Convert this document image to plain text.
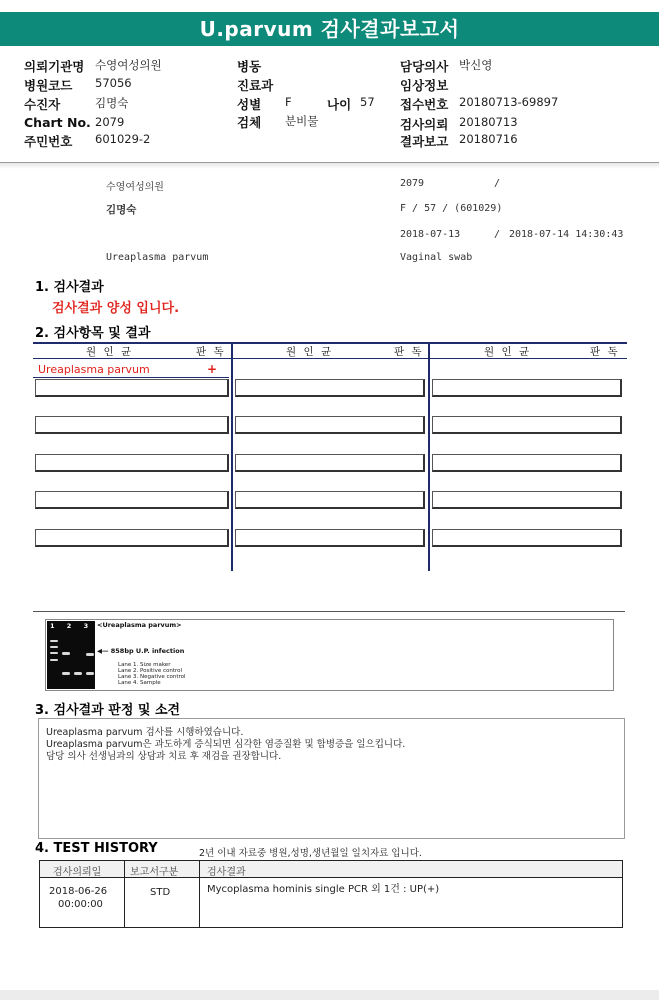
U.parvum 검사결과보고서
의뢰기관명 수영여성의원
병원코드 57056
수진자	김명숙
Chart No. 2079
주민번호 601029-2
병동
진료과
성별 F	나이 57
검체 분비물
담당의사 박신영
임상정보
접수번호 20180713-69897
검사의뢰 20180713
결과보고 20180716
수영여성의원	2079	/
김명숙	F / 57 / (601029)
2018-07-13	/ 2018-07-14 14:30:43
Ureaplasma parvum	Vaginal swab
1. 검사결과
검사결과 양성 입니다.
2. 검사항목 및 결과
원 인 균	판 독	원 인 균	판 독	원 인 균	판 독
Ureaplasma parvum	+
1 2 3 4
<Ureaplasma parvum>
◀— 858bp U.P. infection
Lane 1. Size maker
Lane 2. Positive control
Lane 3. Negative control
Lane 4. Sample
3. 검사결과 판정 및 소견
Ureaplasma parvum 검사를 시행하였습니다.
Ureaplasma parvum은 과도하게 증식되면 심각한 염증질환 및 합병증을 일으킵니다.
담당 의사 선생님과의 상담과 치료 후 재검을 권장합니다.
4. TEST HISTORY	2년 이내 자료중 병원,성명,생년월일 일치자료 입니다.
검사의뢰일	보고서구분	검사결과
2018-06-26
00:00:00
STD	Mycoplasma hominis single PCR 외 1건 : UP(+)
